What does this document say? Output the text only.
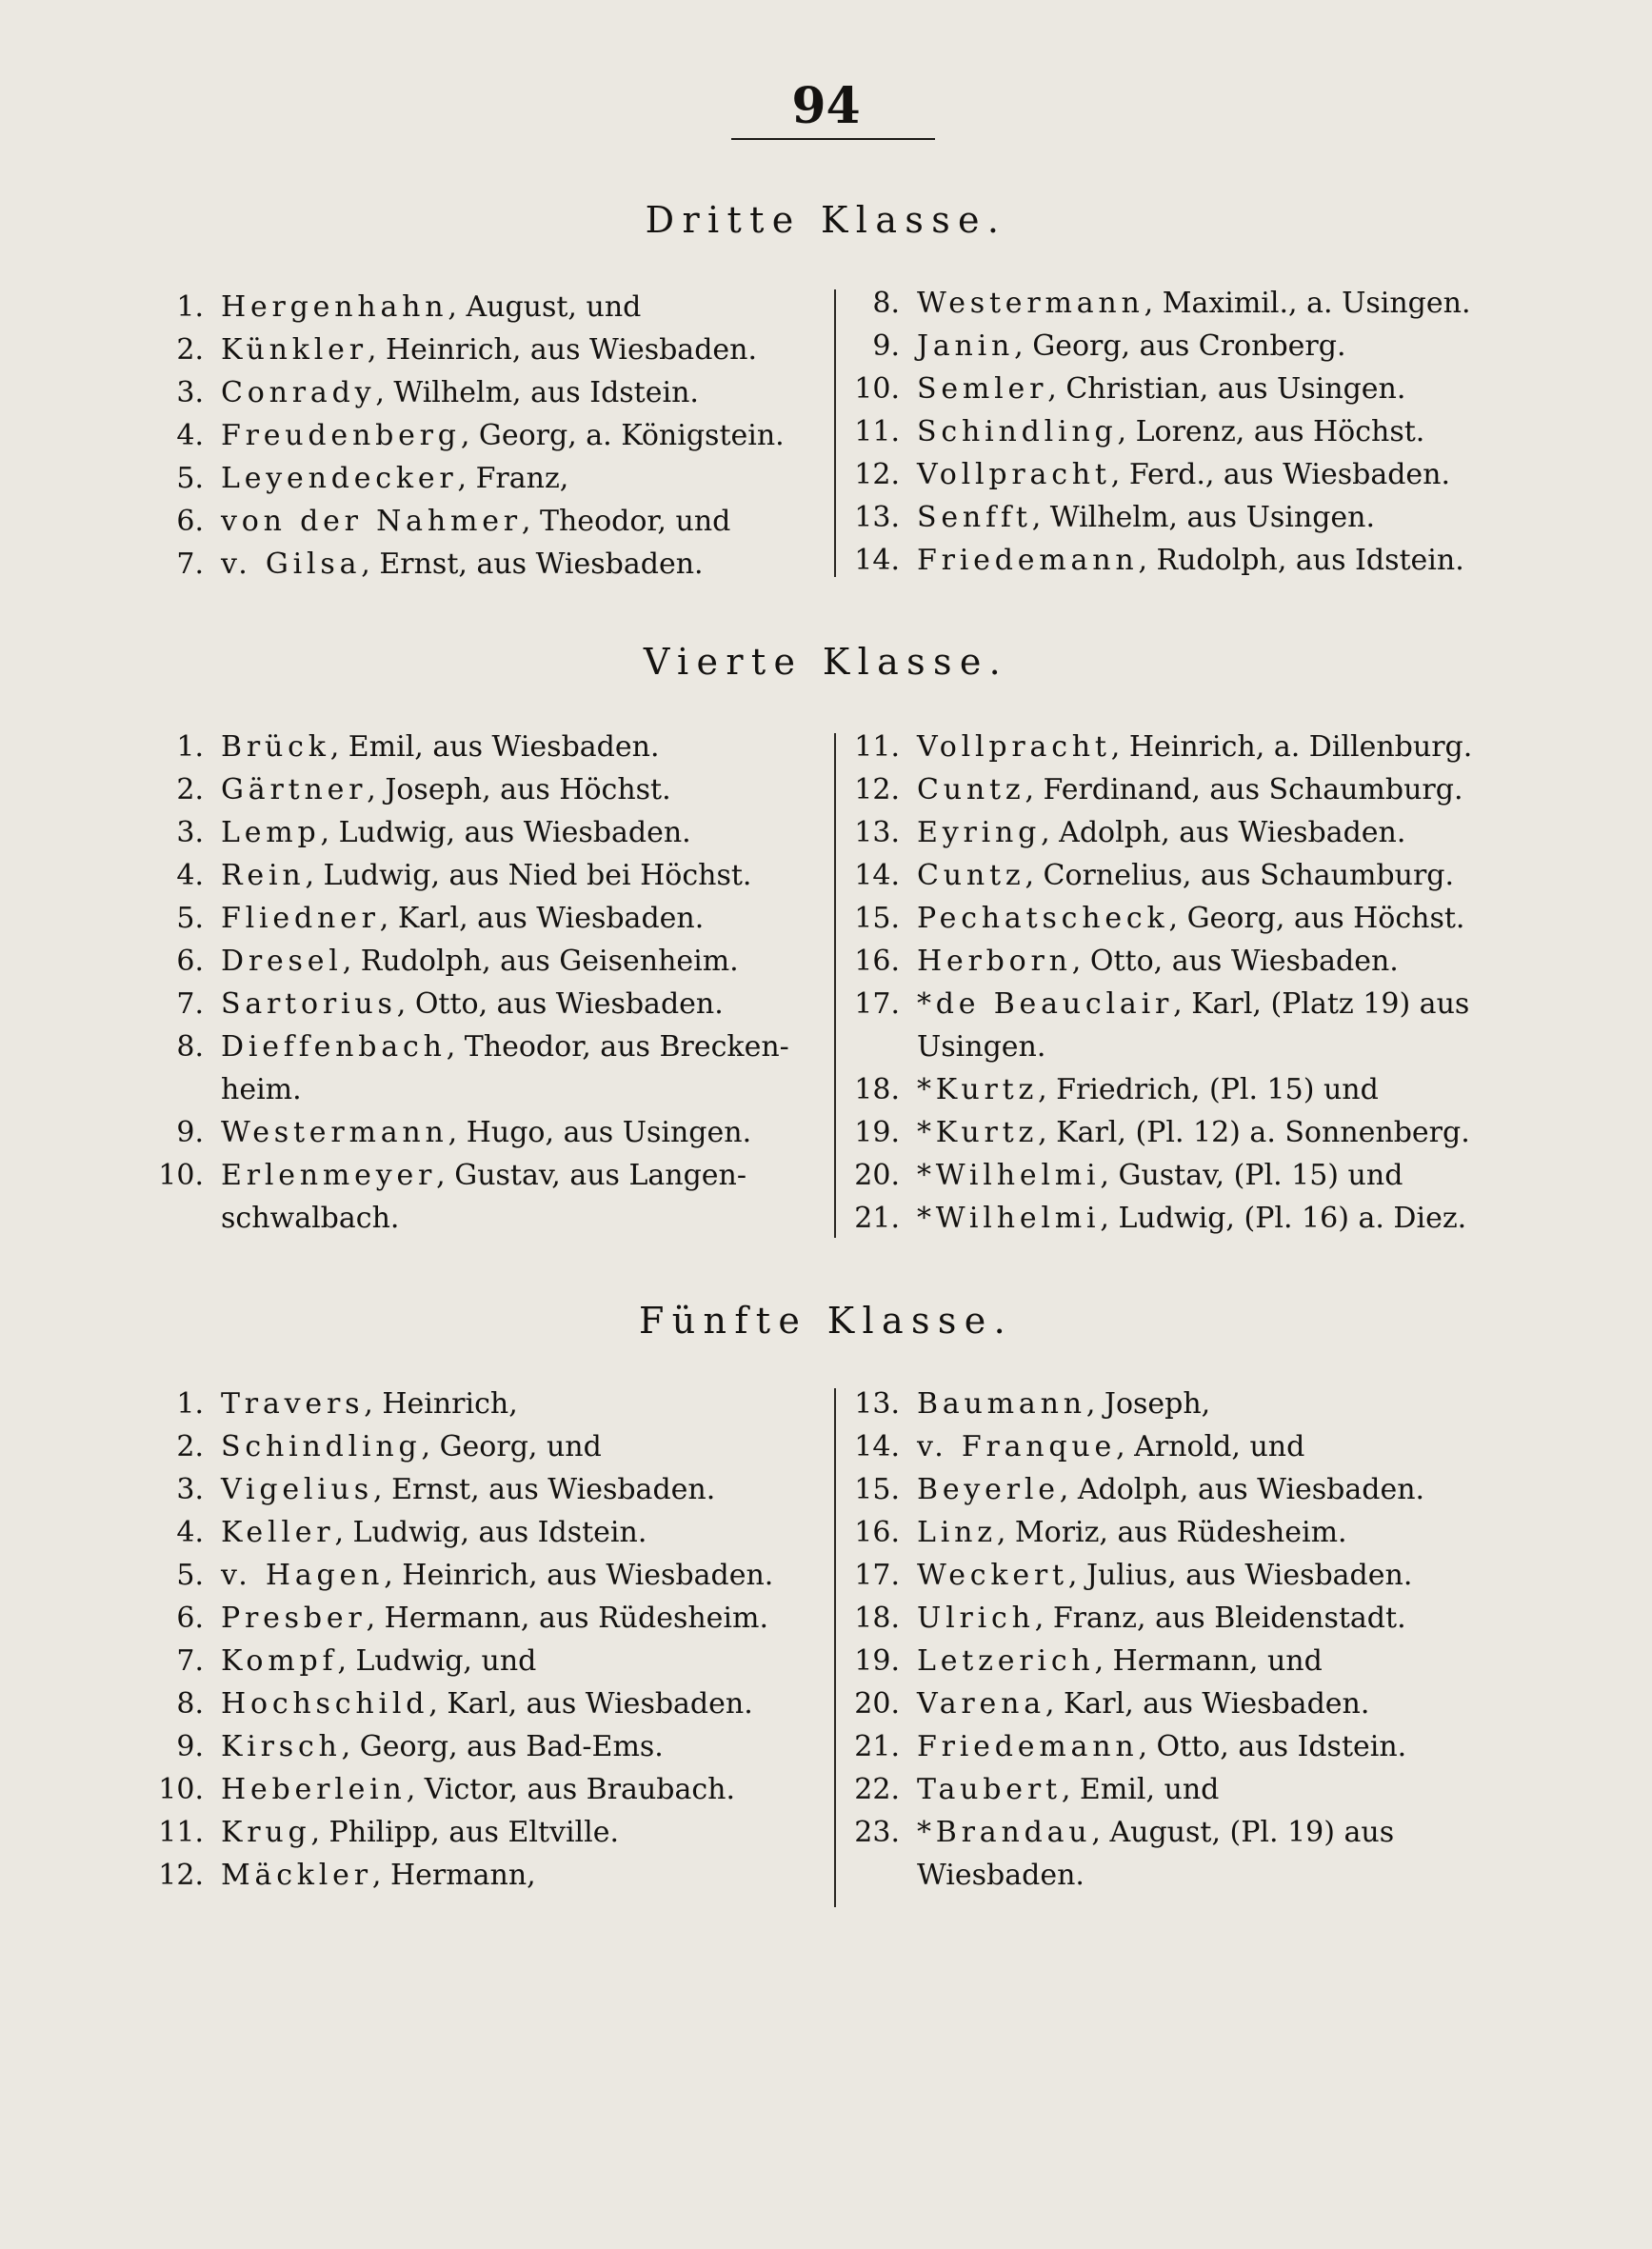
94
Dritte Klasse.
1. Hergenhahn, August, und
2. Künkler, Heinrich, aus Wiesbaden.
3. Conrady, Wilhelm, aus Idstein.
4. Freudenberg, Georg, a. Königstein.
5. Leyendecker, Franz,
6. von der Nahmer, Theodor, und
7. v. Gilsa, Ernst, aus Wiesbaden.
8. Westermann, Maximil., a. Usingen.
9. Janin, Georg, aus Cronberg.
10. Semler, Christian, aus Usingen.
11. Schindling, Lorenz, aus Höchst.
12. Vollpracht, Ferd., aus Wiesbaden.
13. Senfft, Wilhelm, aus Usingen.
14. Friedemann, Rudolph, aus Idstein.
Vierte Klasse.
1. Brück, Emil, aus Wiesbaden.
2. Gärtner, Joseph, aus Höchst.
3. Lemp, Ludwig, aus Wiesbaden.
4. Rein, Ludwig, aus Nied bei Höchst.
5. Fliedner, Karl, aus Wiesbaden.
6. Dresel, Rudolph, aus Geisenheim.
7. Sartorius, Otto, aus Wiesbaden.
8. Dieffenbach, Theodor, aus Brecken-
heim.
9. Westermann, Hugo, aus Usingen.
10. Erlenmeyer, Gustav, aus Langen-
schwalbach.
11. Vollpracht, Heinrich, a. Dillenburg.
12. Cuntz, Ferdinand, aus Schaumburg.
13. Eyring, Adolph, aus Wiesbaden.
14. Cuntz, Cornelius, aus Schaumburg.
15. Pechatscheck, Georg, aus Höchst.
16. Herborn, Otto, aus Wiesbaden.
17. *de Beauclair, Karl, (Platz 19) aus
Usingen.
18. *Kurtz, Friedrich, (Pl. 15) und
19. *Kurtz, Karl, (Pl. 12) a. Sonnenberg.
20. *Wilhelmi, Gustav, (Pl. 15) und
21. *Wilhelmi, Ludwig, (Pl. 16) a. Diez.
Fünfte Klasse.
1. Travers, Heinrich,
2. Schindling, Georg, und
3. Vigelius, Ernst, aus Wiesbaden.
4. Keller, Ludwig, aus Idstein.
5. v. Hagen, Heinrich, aus Wiesbaden.
6. Presber, Hermann, aus Rüdesheim.
7. Kompf, Ludwig, und
8. Hochschild, Karl, aus Wiesbaden.
9. Kirsch, Georg, aus Bad-Ems.
10. Heberlein, Victor, aus Braubach.
11. Krug, Philipp, aus Eltville.
12. Mäckler, Hermann,
13. Baumann, Joseph,
14. v. Franque, Arnold, und
15. Beyerle, Adolph, aus Wiesbaden.
16. Linz, Moriz, aus Rüdesheim.
17. Weckert, Julius, aus Wiesbaden.
18. Ulrich, Franz, aus Bleidenstadt.
19. Letzerich, Hermann, und
20. Varena, Karl, aus Wiesbaden.
21. Friedemann, Otto, aus Idstein.
22. Taubert, Emil, und
23. *Brandau, August, (Pl. 19) aus
Wiesbaden.
